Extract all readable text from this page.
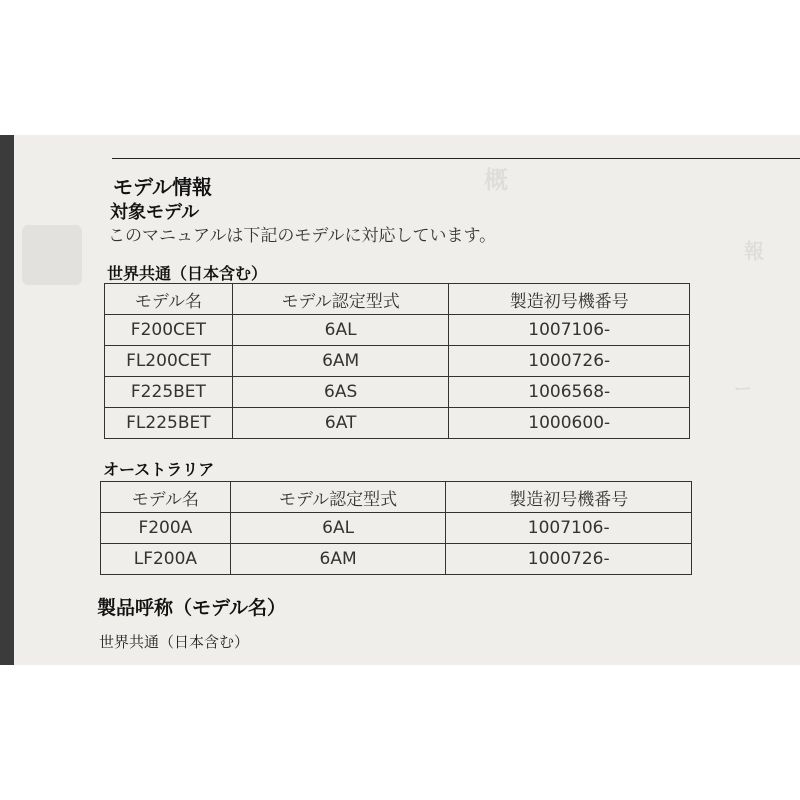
概
報
ー
モデル情報
対象モデル
このマニュアルは下記のモデルに対応しています。
世界共通（日本含む）
モデル名	モデル認定型式	製造初号機番号
F200CET	6AL	1007106-
FL200CET	6AM	1000726-
F225BET	6AS	1006568-
FL225BET	6AT	1000600-
オーストラリア
モデル名	モデル認定型式	製造初号機番号
F200A	6AL	1007106-
LF200A	6AM	1000726-
製品呼称（モデル名）
世界共通（日本含む）
